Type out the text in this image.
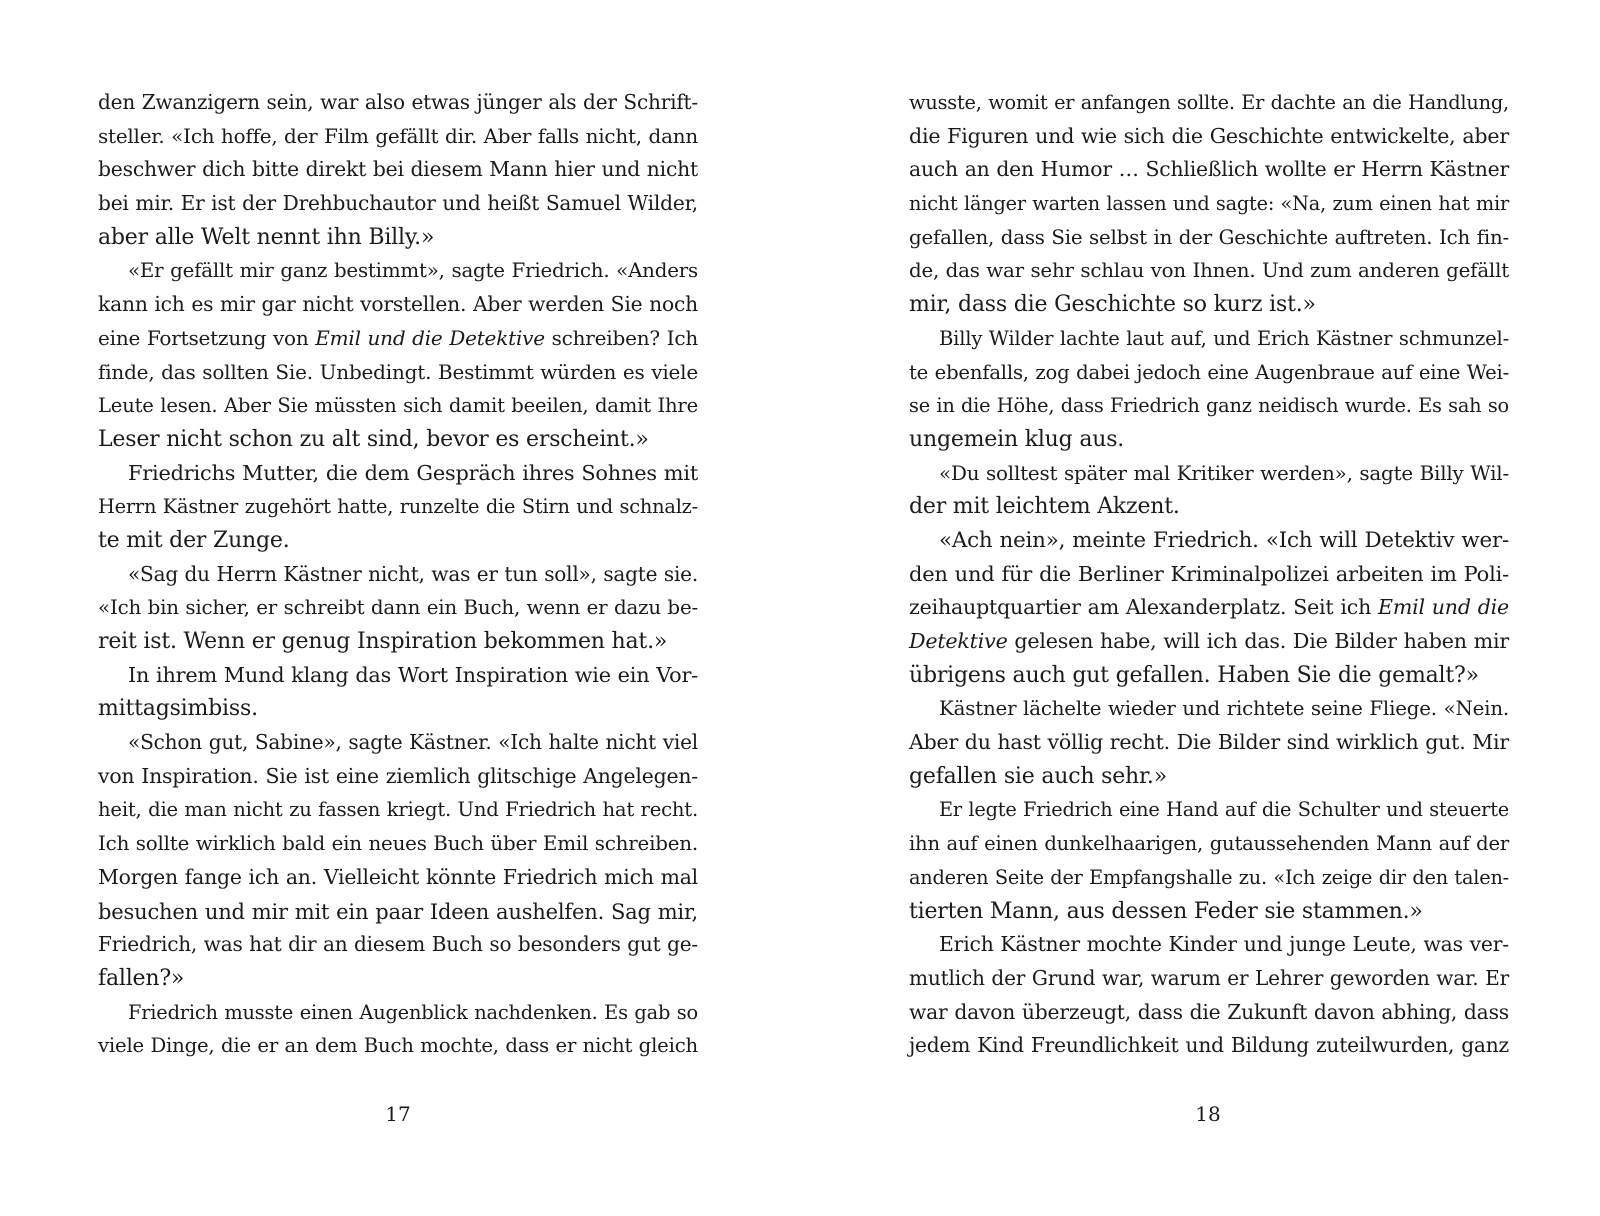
den Zwanzigern sein, war also etwas jünger als der Schrift-
steller. «Ich hoffe, der Film gefällt dir. Aber falls nicht, dann
beschwer dich bitte direkt bei diesem Mann hier und nicht
bei mir. Er ist der Drehbuchautor und heißt Samuel Wilder,
aber alle Welt nennt ihn Billy.»
«Er gefällt mir ganz bestimmt», sagte Friedrich. «Anders
kann ich es mir gar nicht vorstellen. Aber werden Sie noch
eine Fortsetzung von Emil und die Detektive schreiben? Ich
finde, das sollten Sie. Unbedingt. Bestimmt würden es viele
Leute lesen. Aber Sie müssten sich damit beeilen, damit Ihre
Leser nicht schon zu alt sind, bevor es erscheint.»
Friedrichs Mutter, die dem Gespräch ihres Sohnes mit
Herrn Kästner zugehört hatte, runzelte die Stirn und schnalz-
te mit der Zunge.
«Sag du Herrn Kästner nicht, was er tun soll», sagte sie.
«Ich bin sicher, er schreibt dann ein Buch, wenn er dazu be-
reit ist. Wenn er genug Inspiration bekommen hat.»
In ihrem Mund klang das Wort Inspiration wie ein Vor-
mittagsimbiss.
«Schon gut, Sabine», sagte Kästner. «Ich halte nicht viel
von Inspiration. Sie ist eine ziemlich glitschige Angelegen-
heit, die man nicht zu fassen kriegt. Und Friedrich hat recht.
Ich sollte wirklich bald ein neues Buch über Emil schreiben.
Morgen fange ich an. Vielleicht könnte Friedrich mich mal
besuchen und mir mit ein paar Ideen aushelfen. Sag mir,
Friedrich, was hat dir an diesem Buch so besonders gut ge-
fallen?»
Friedrich musste einen Augenblick nachdenken. Es gab so
viele Dinge, die er an dem Buch mochte, dass er nicht gleich
wusste, womit er anfangen sollte. Er dachte an die Handlung,
die Figuren und wie sich die Geschichte entwickelte, aber
auch an den Humor … Schließlich wollte er Herrn Kästner
nicht länger warten lassen und sagte: «Na, zum einen hat mir
gefallen, dass Sie selbst in der Geschichte auftreten. Ich fin-
de, das war sehr schlau von Ihnen. Und zum anderen gefällt
mir, dass die Geschichte so kurz ist.»
Billy Wilder lachte laut auf, und Erich Kästner schmunzel-
te ebenfalls, zog dabei jedoch eine Augenbraue auf eine Wei-
se in die Höhe, dass Friedrich ganz neidisch wurde. Es sah so
ungemein klug aus.
«Du solltest später mal Kritiker werden», sagte Billy Wil-
der mit leichtem Akzent.
«Ach nein», meinte Friedrich. «Ich will Detektiv wer-
den und für die Berliner Kriminalpolizei arbeiten im Poli-
zeihauptquartier am Alexanderplatz. Seit ich Emil und die
Detektive gelesen habe, will ich das. Die Bilder haben mir
übrigens auch gut gefallen. Haben Sie die gemalt?»
Kästner lächelte wieder und richtete seine Fliege. «Nein.
Aber du hast völlig recht. Die Bilder sind wirklich gut. Mir
gefallen sie auch sehr.»
Er legte Friedrich eine Hand auf die Schulter und steuerte
ihn auf einen dunkelhaarigen, gutaussehenden Mann auf der
anderen Seite der Empfangshalle zu. «Ich zeige dir den talen-
tierten Mann, aus dessen Feder sie stammen.»
Erich Kästner mochte Kinder und junge Leute, was ver-
mutlich der Grund war, warum er Lehrer geworden war. Er
war davon überzeugt, dass die Zukunft davon abhing, dass
jedem Kind Freundlichkeit und Bildung zuteilwurden, ganz
17	18
